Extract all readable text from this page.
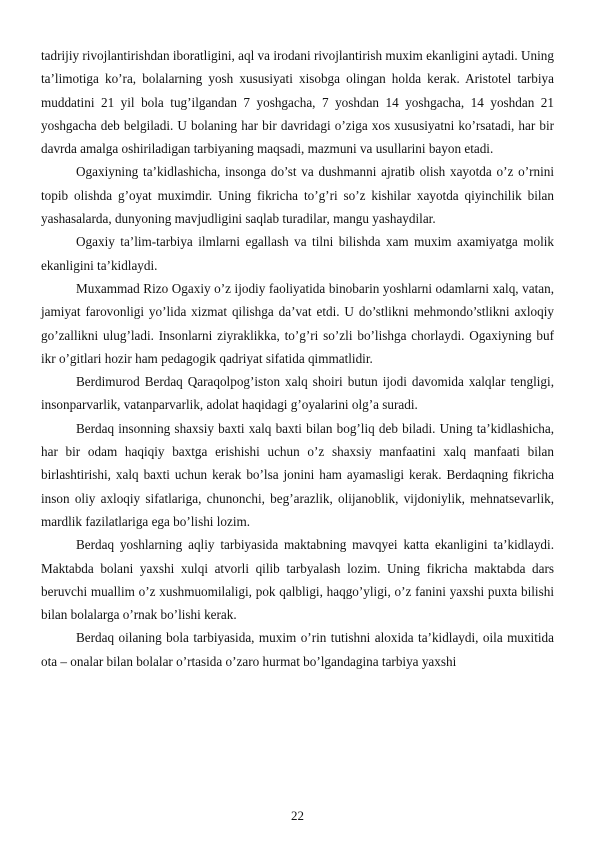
tadrijiy rivojlantirishdan iboratligini, aql va irodani rivojlantirish muxim ekanligini aytadi. Uning ta’limotiga ko’ra, bolalarning yosh xususiyati xisobga olingan holda kerak. Aristotel tarbiya muddatini 21 yil bola tug’ilgandan 7 yoshgacha, 7 yoshdan 14 yoshgacha, 14 yoshdan 21 yoshgacha deb belgiladi. U bolaning har bir davridagi o’ziga xos xususiyatni ko’rsatadi, har bir davrda amalga oshiriladigan tarbiyaning maqsadi, mazmuni va usullarini bayon etadi.

Ogaxiyning ta’kidlashicha, insonga do’st va dushmanni ajratib olish xayotda o’z o’rnini topib olishda g’oyat muximdir. Uning fikricha to’g’ri so’z kishilar xayotda qiyinchilik bilan yashasalarda, dunyoning mavjudligini saqlab turadilar, mangu yashaydilar.

Ogaxiy ta’lim-tarbiya ilmlarni egallash va tilni bilishda xam muxim axamiyatga molik ekanligini ta’kidlaydi.

Muxammad Rizo Ogaxiy o’z ijodiy faoliyatida binobarin yoshlarni odamlarni xalq, vatan, jamiyat farovonligi yo’lida xizmat qilishga da’vat etdi. U do’stlikni mehmondo’stlikni axloqiy go’zallikni ulug’ladi. Insonlarni ziyraklikka, to’g’ri so’zli bo’lishga chorlaydi. Ogaxiyning buf ikr o’gitlari hozir ham pedagogik qadriyat sifatida qimmatlidir.

Berdimurod Berdaq Qaraqolpog’iston xalq shoiri butun ijodi davomida xalqlar tengligi, insonparvarlik, vatanparvarlik, adolat haqidagi g’oyalarini olg’a suradi.

Berdaq insonning shaxsiy baxti xalq baxti bilan bog’liq deb biladi. Uning ta’kidlashicha, har bir odam haqiqiy baxtga erishishi uchun o’z shaxsiy manfaatini xalq manfaati bilan birlashtirishi, xalq baxti uchun kerak bo’lsa jonini ham ayamasligi kerak. Berdaqning fikricha inson oliy axloqiy sifatlariga, chunonchi, beg’arazlik, olijanoblik, vijdoniylik, mehnatsevarlik, mardlik fazilatlariga ega bo’lishi lozim.

Berdaq yoshlarning aqliy tarbiyasida maktabning mavqyei katta ekanligini ta’kidlaydi. Maktabda bolani yaxshi xulqi atvorli qilib tarbyalash lozim. Uning fikricha maktabda dars beruvchi muallim o’z xushmuomilaligi, pok qalbligi, haqgo’yligi, o’z fanini yaxshi puxta bilishi bilan bolalarga o’rnak bo’lishi kerak.

Berdaq oilaning bola tarbiyasida, muxim o’rin tutishni aloxida ta’kidlaydi, oila muxitida ota – onalar bilan bolalar o’rtasida o’zaro hurmat bo’lgandagina tarbiya yaxshi

22
